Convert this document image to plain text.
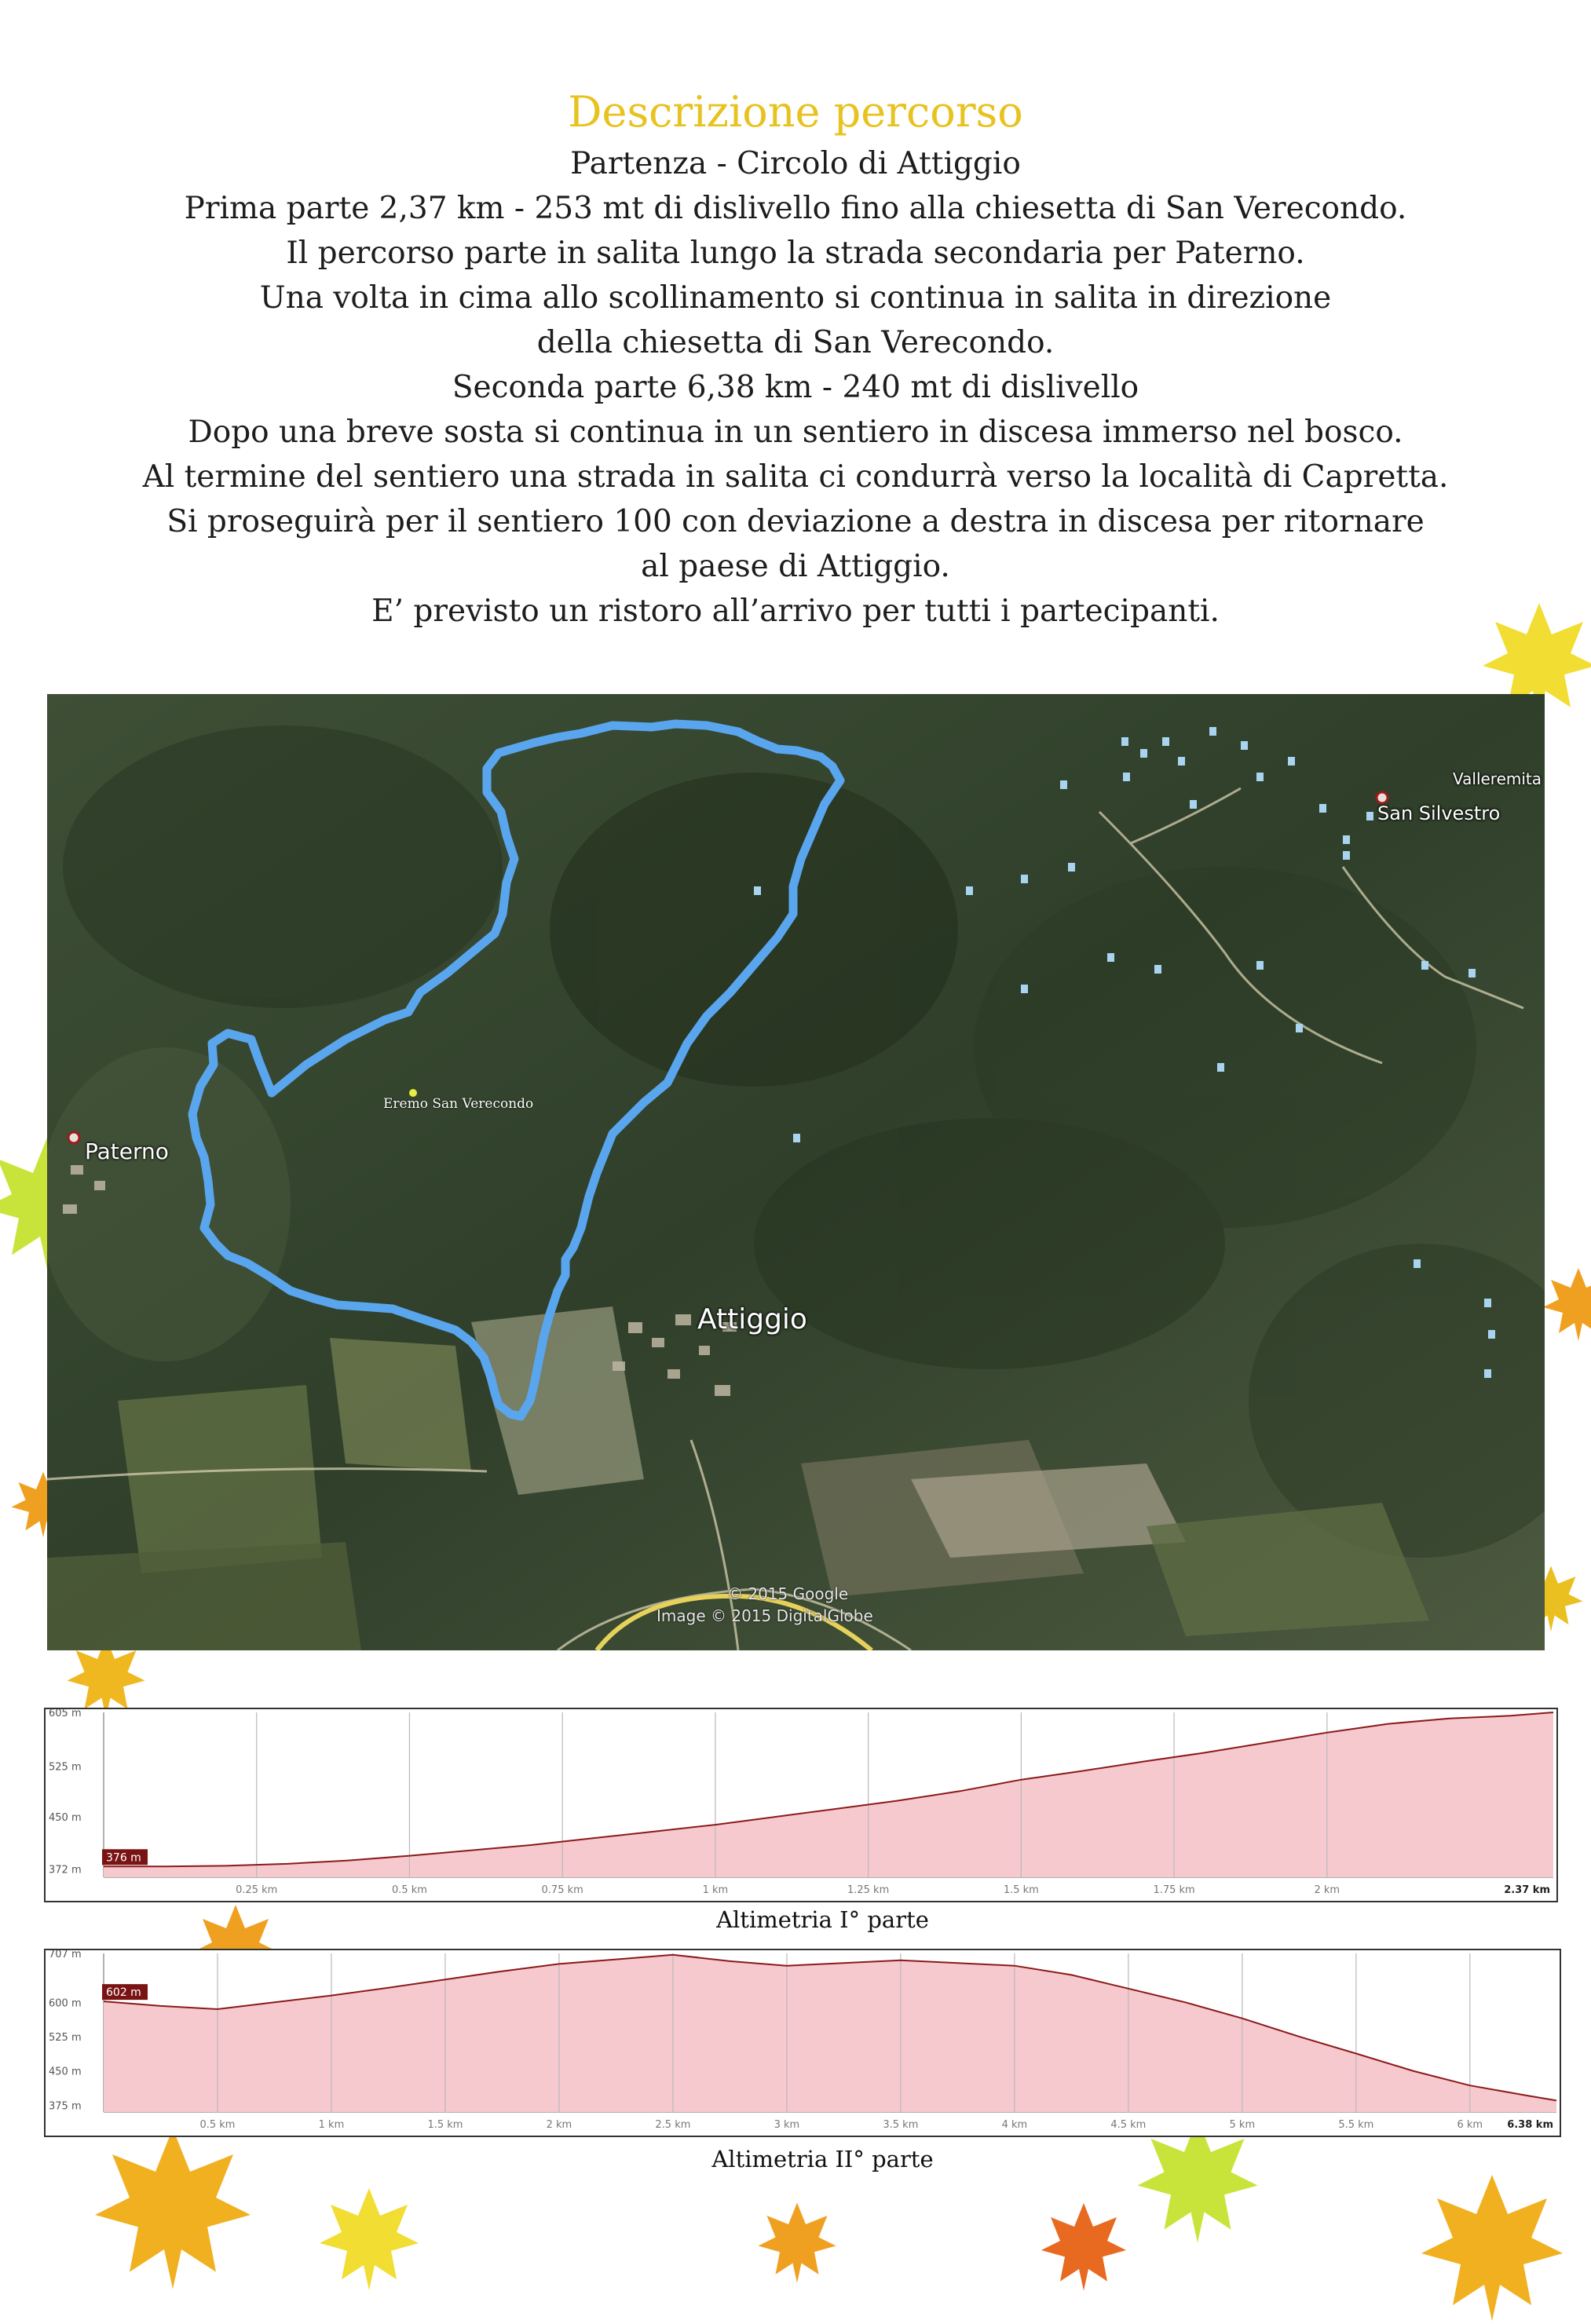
Descrizione percorso

Partenza - Circolo di Attiggio

Prima parte 2,37 km - 253 mt di dislivello fino alla chiesetta di San Verecondo.

Il percorso parte in salita lungo la strada secondaria per Paterno.

Una volta in cima allo scollinamento si continua in salita in direzione

della chiesetta di San Verecondo.

Seconda parte 6,38 km - 240 mt di dislivello

Dopo una breve sosta si continua in un sentiero in discesa immerso nel bosco.

Al termine del sentiero una strada in salita ci condurrà verso la località di Capretta.

Si proseguirà per il sentiero 100 con deviazione a destra in discesa per ritornare

al paese di Attiggio.

E’ previsto un ristoro all’arrivo per tutti i partecipanti.

Paterno
Attiggio
San Silvestro
Valleremita
Eremo San Verecondo
© 2015 Google
Image © 2015 DigitalGlobe
605 m
525 m
450 m
372 m
0.25 km	0.5 km	0.75 km	1 km	1.25 km	1.5 km	1.75 km	2 km	2.37 km
376 m
Altimetria I° parte
707 m
600 m
525 m
450 m
375 m
0.5 km	1 km	1.5 km	2 km	2.5 km	3 km	3.5 km	4 km	4.5 km	5 km	5.5 km	6 km 6.38 km
602 m
Altimetria II° parte
